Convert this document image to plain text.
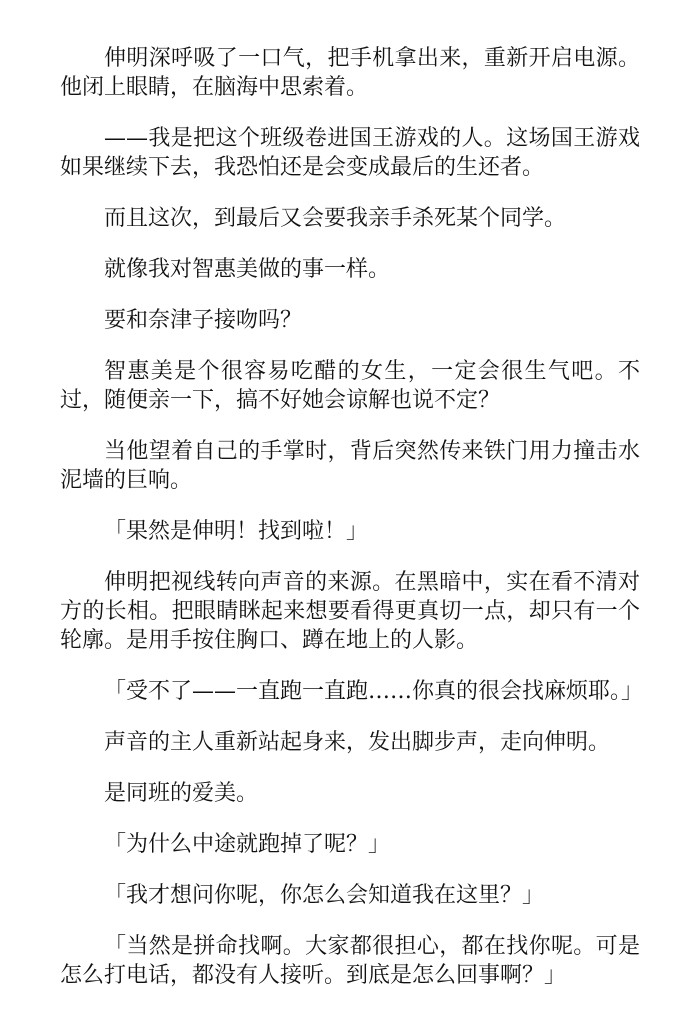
伸明深呼吸了一口气，把手机拿出来，重新开启电源。他闭上眼睛，在脑海中思索着。

——我是把这个班级卷进国王游戏的人。这场国王游戏如果继续下去，我恐怕还是会变成最后的生还者。

而且这次，到最后又会要我亲手杀死某个同学。

就像我对智惠美做的事一样。

要和奈津子接吻吗？

智惠美是个很容易吃醋的女生，一定会很生气吧。不过，随便亲一下，搞不好她会谅解也说不定？

当他望着自己的手掌时，背后突然传来铁门用力撞击水泥墙的巨响。

「果然是伸明！找到啦！」

伸明把视线转向声音的来源。在黑暗中，实在看不清对方的长相。把眼睛眯起来想要看得更真切一点，却只有一个轮廓。是用手按住胸口、蹲在地上的人影。

「受不了——一直跑一直跑……你真的很会找麻烦耶。」

声音的主人重新站起身来，发出脚步声，走向伸明。

是同班的爱美。

「为什么中途就跑掉了呢？」

「我才想问你呢，你怎么会知道我在这里？」

「当然是拼命找啊。大家都很担心，都在找你呢。可是怎么打电话，都没有人接听。到底是怎么回事啊？」
